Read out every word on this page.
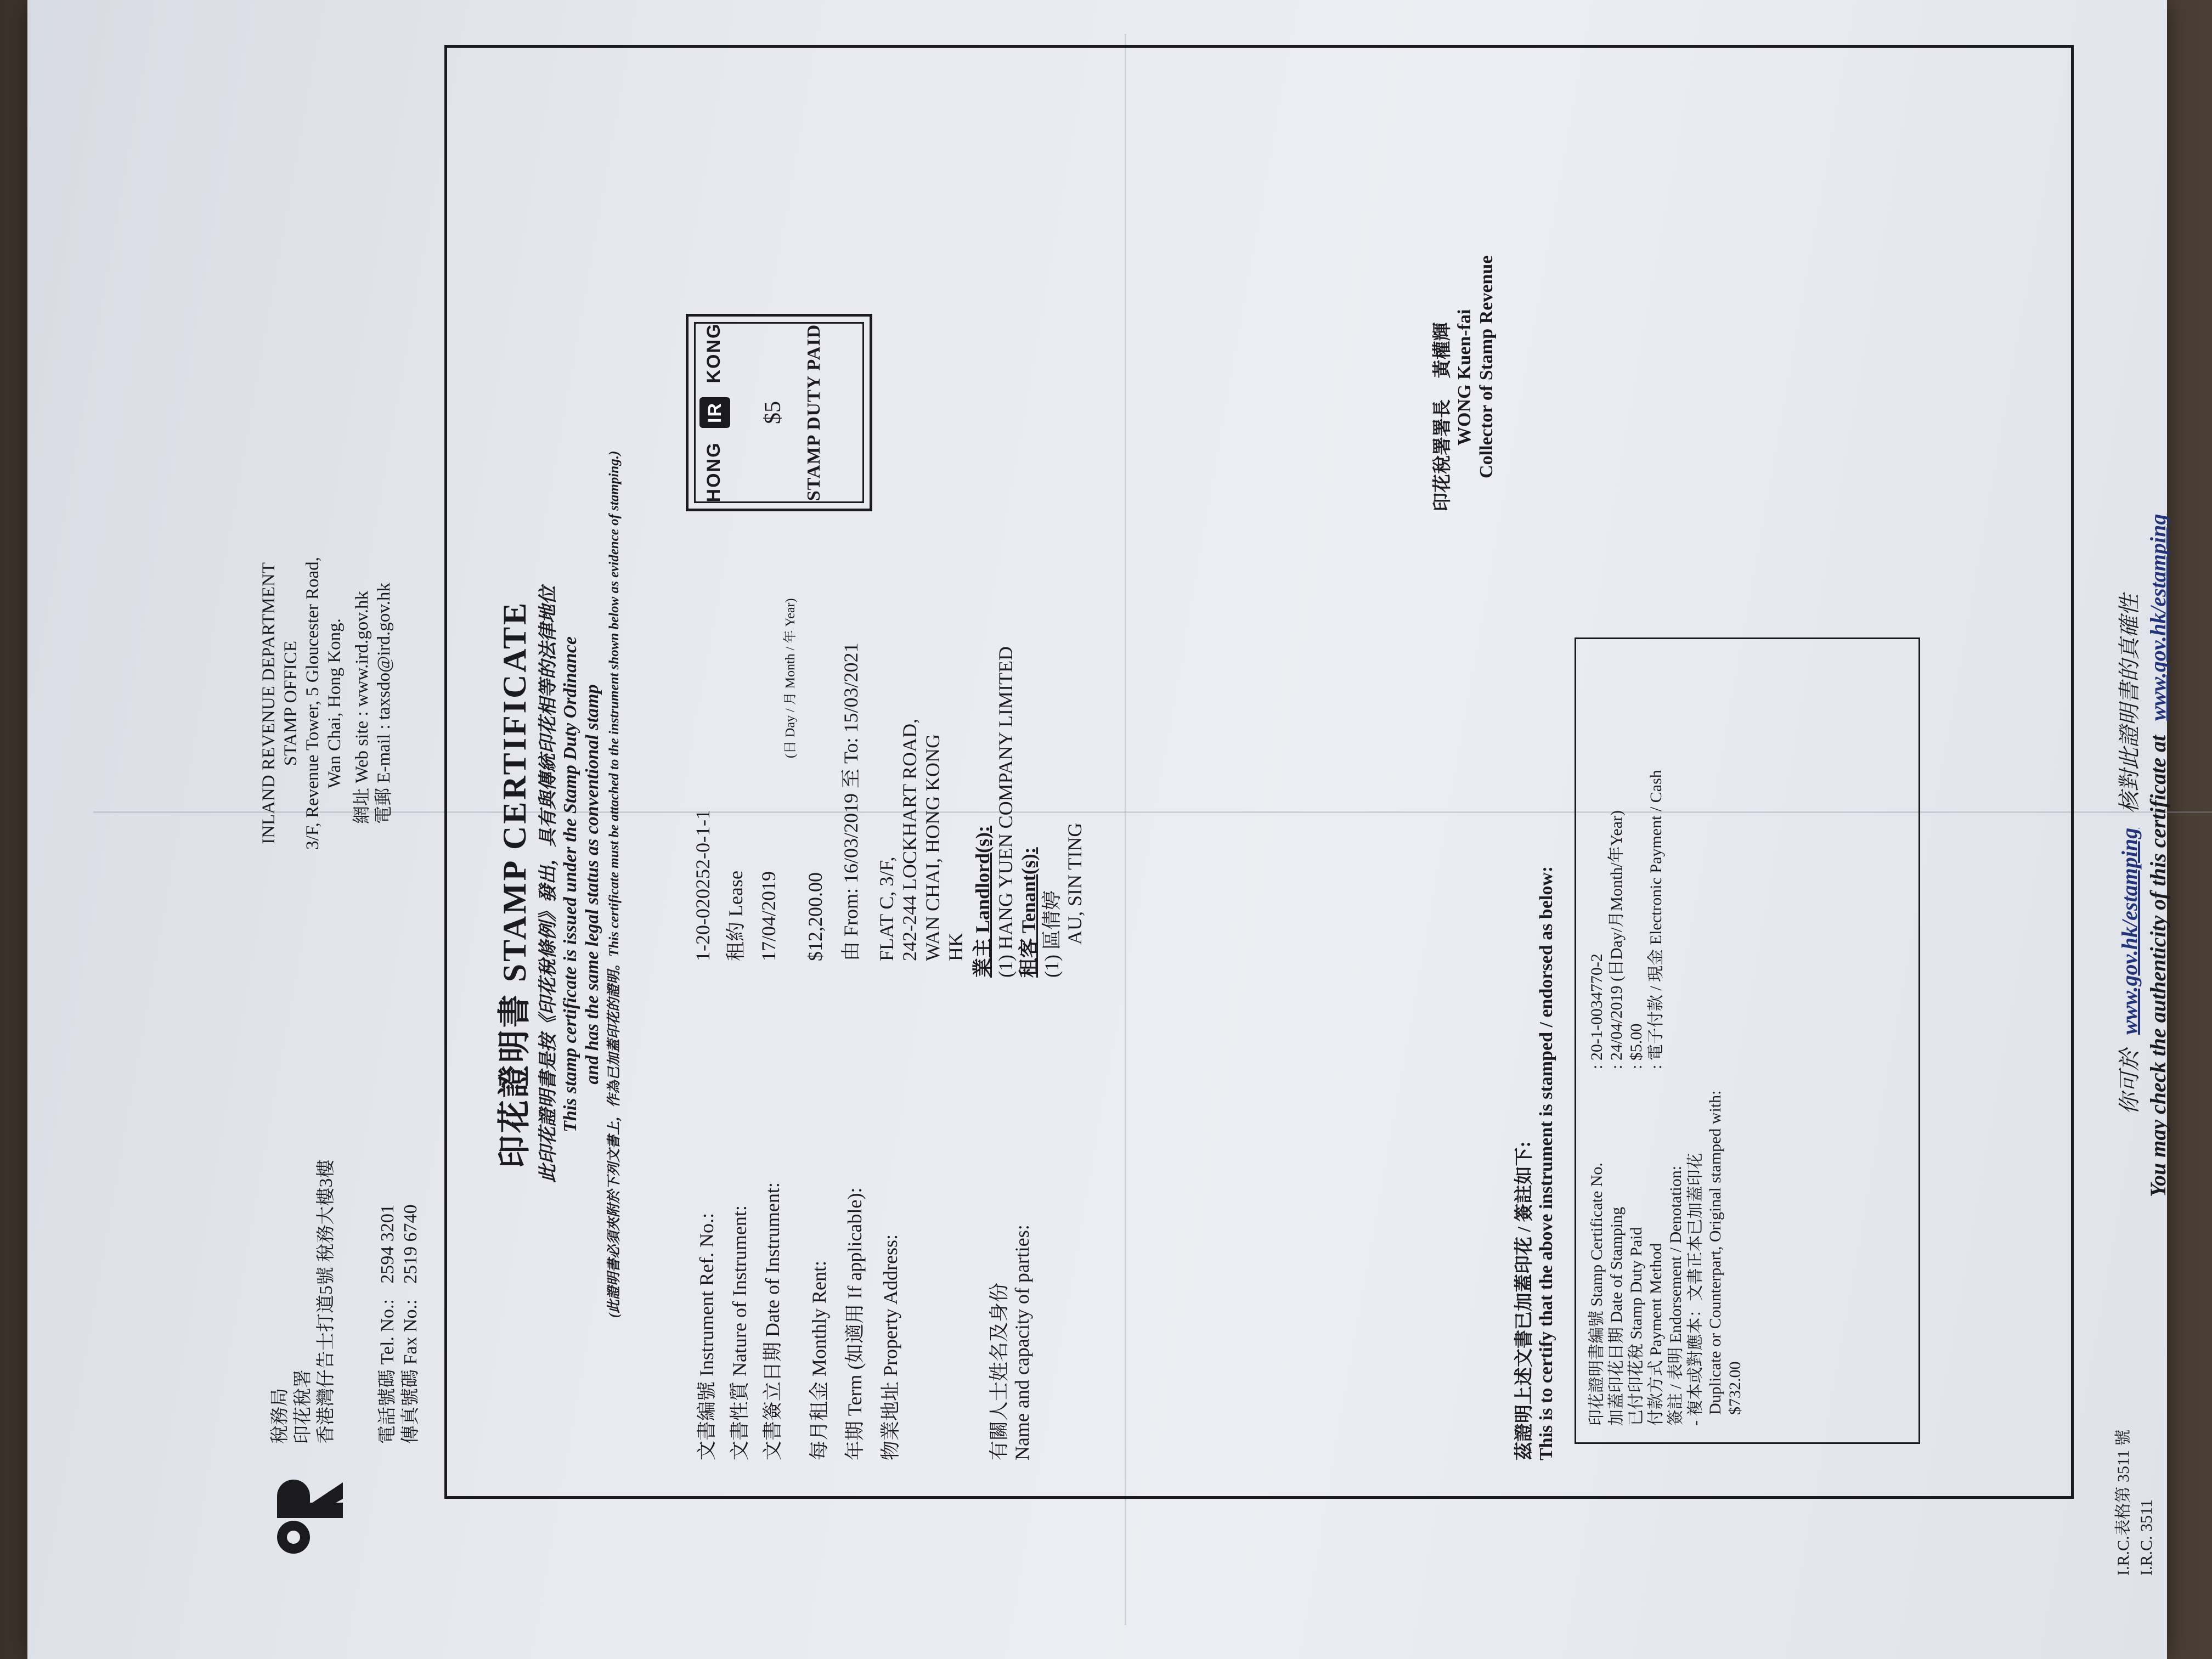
稅務局 印花稅署 香港灣仔告士打道5號 稅務大樓3樓 電話號碼 Tel. No.: 2594 3201
傳真號碼 Fax No.: 2519 6740
INLAND REVENUE DEPARTMENT STAMP OFFICE 3/F, Revenue Tower, 5 Gloucester Road, Wan Chai, Hong Kong. 網址 Web site : www.ird.gov.hk
電郵 E-mail : taxsdo@ird.gov.hk	印花證明書 STAMP CERTIFICATE 此印花證明書是按《印花稅條例》發出，具有與傳統印花相等的法律地位 This stamp certificate is issued under the Stamp Duty Ordinance and has the same legal status as conventional stamp (此證明書必須夾附於下列文書上，作為已加蓋印花的證明。This certificate must be attached to the instrument shown below as evidence of stamping.)	HONG IR KONG
$5 STAMP DUTY PAID
文書編號 Instrument Ref. No.:
1-20-020252-0-1-1
文書性質 Nature of Instrument:
租約 Lease
文書簽立日期 Date of Instrument:
17/04/2019
(日 Day / 月 Month / 年 Year)
每月租金 Monthly Rent:
$12,200.00
年期 Term (如適用 If applicable):
由 From: 16/03/2019 至 To: 15/03/2021
物業地址 Property Address:
FLAT C, 3/F, 242-244 LOCKHART ROAD, WAN CHAI, HONG KONG HK
有關人士姓名及身份 Name and capacity of parties:
業主 Landlord(s): (1) HANG YUEN COMPANY LIMITED 租客 Tenant(s): (1) 區倩婷 AU, SIN TING
茲證明上述文書已加蓋印花 / 簽註如下: This is to certify that the above instrument is stamped / endorsed as below: 印花證明書編號 Stamp Certificate No.
: 20-1-0034770-2
加蓋印花日期 Date of Stamping
: 24/04/2019 (日Day/月Month/年Year)
已付印花稅 Stamp Duty Paid
: $5.00
付款方式 Payment Method
: 電子付款 / 現金 Electronic Payment / Cash
簽註 / 表明 Endorsement / Denotation: - 複本或對應本：文書正本已加蓋印花 Duplicate or Counterpart, Original stamped with: $732.00
印花稅署署長 黃權輝 WONG Kuen-fai Collector of Stamp Revenue
你可於 www.gov.hk/estamping 核對此證明書的真確性
You may check the authenticity of this certificate at www.gov.hk/estamping
I.R.C.表格第 3511 號 I.R.C. 3511
